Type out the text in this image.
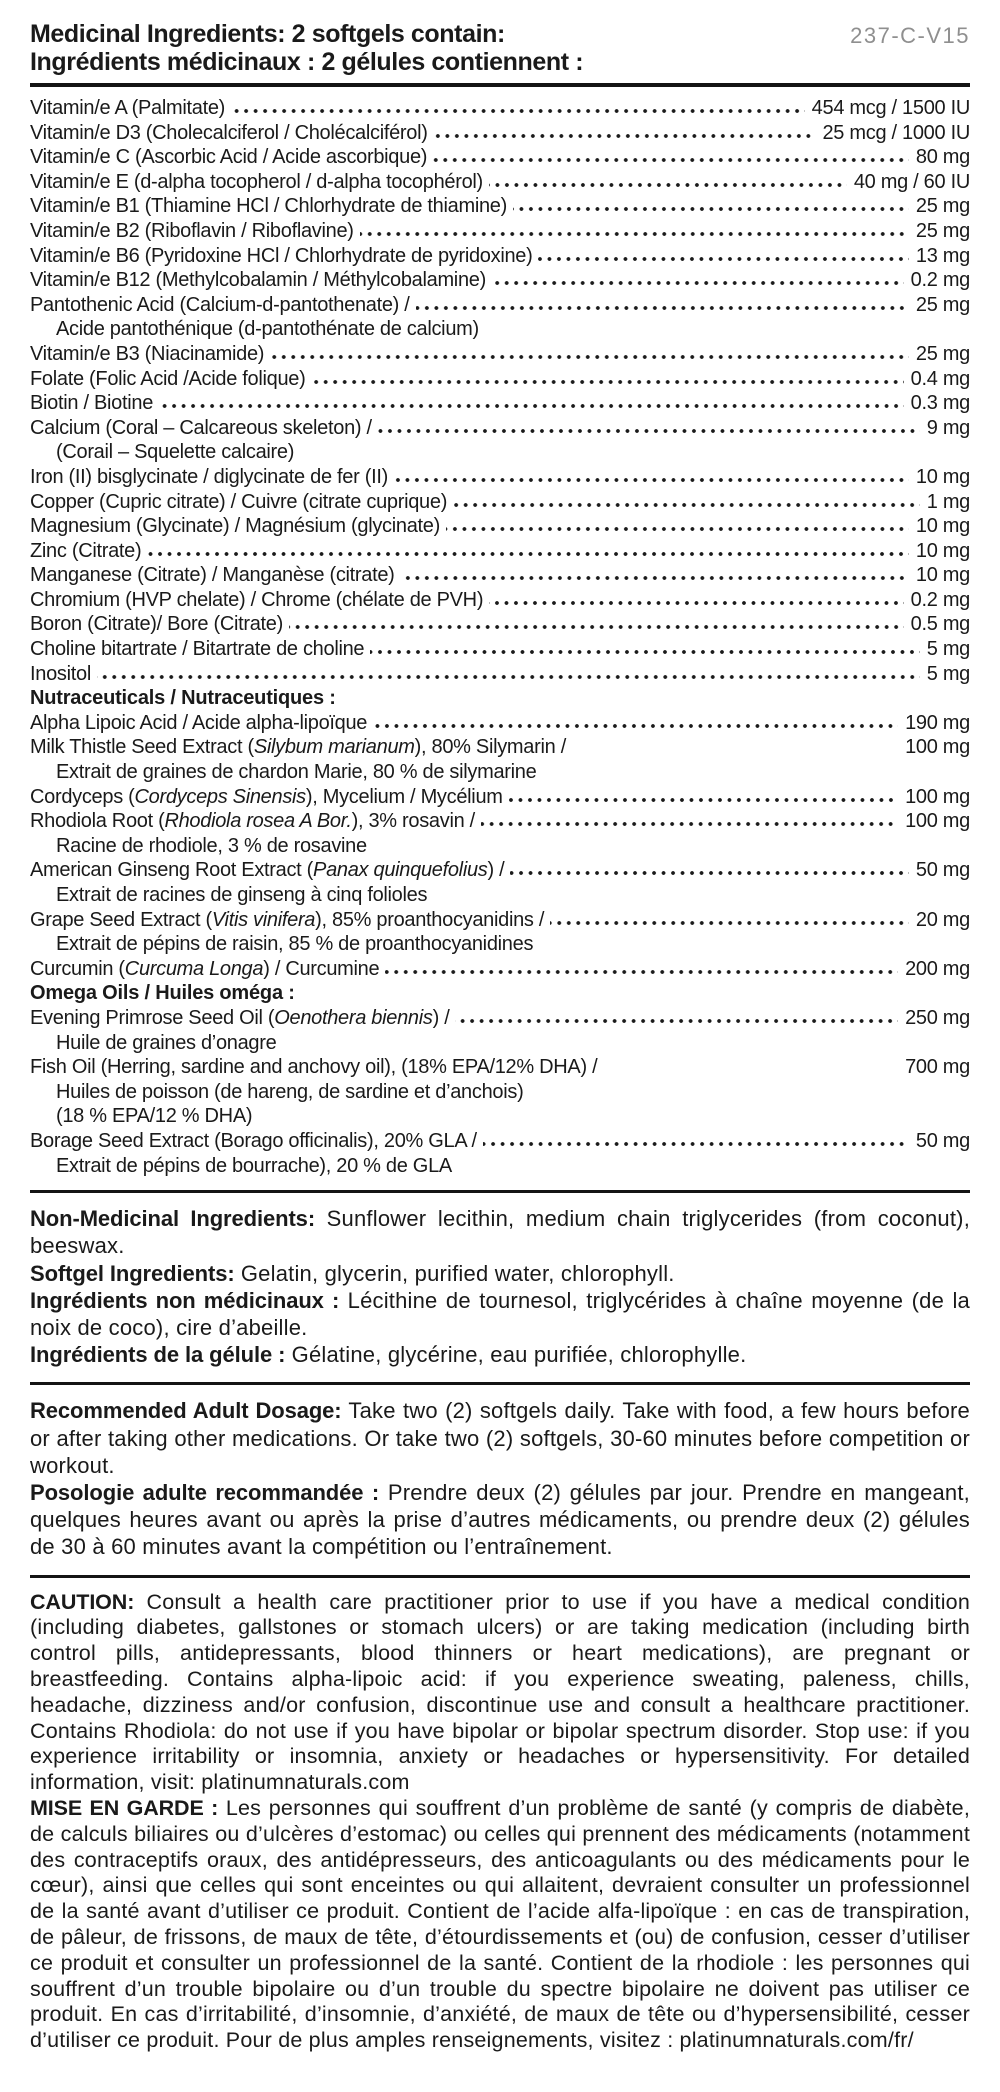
Medicinal Ingredients: 2 softgels contain:
Ingrédients médicinaux : 2 gélules contiennent :
237-C-V15
Vitamin/e A (Palmitate)	454 mcg / 1500 IU
Vitamin/e D3 (Cholecalciferol / Cholécalciférol)	25 mcg / 1000 IU
Vitamin/e C (Ascorbic Acid / Acide ascorbique)	80 mg
Vitamin/e E (d-alpha tocopherol / d-alpha tocophérol)	40 mg / 60 IU
Vitamin/e B1 (Thiamine HCl / Chlorhydrate de thiamine)	25 mg
Vitamin/e B2 (Riboflavin / Riboflavine)	25 mg
Vitamin/e B6 (Pyridoxine HCl / Chlorhydrate de pyridoxine)	13 mg
Vitamin/e B12 (Methylcobalamin / Méthylcobalamine)	0.2 mg
Pantothenic Acid (Calcium-d-pantothenate) /	25 mg
Acide pantothénique (d-pantothénate de calcium)
Vitamin/e B3 (Niacinamide)	25 mg
Folate (Folic Acid /Acide folique)	0.4 mg
Biotin / Biotine	0.3 mg
Calcium (Coral – Calcareous skeleton) /	9 mg
(Corail – Squelette calcaire)
Iron (II) bisglycinate / diglycinate de fer (II)	10 mg
Copper (Cupric citrate) / Cuivre (citrate cuprique)	1 mg
Magnesium (Glycinate) / Magnésium (glycinate)	10 mg
Zinc (Citrate)	10 mg
Manganese (Citrate) / Manganèse (citrate)	10 mg
Chromium (HVP chelate) / Chrome (chélate de PVH)	0.2 mg
Boron (Citrate)/ Bore (Citrate)	0.5 mg
Choline bitartrate / Bitartrate de choline	5 mg
Inositol	5 mg
Nutraceuticals / Nutraceutiques :
Alpha Lipoic Acid / Acide alpha-lipoïque	190 mg
Milk Thistle Seed Extract (Silybum marianum), 80% Silymarin /	100 mg
Extrait de graines de chardon Marie, 80 % de silymarine
Cordyceps (Cordyceps Sinensis), Mycelium / Mycélium	100 mg
Rhodiola Root (Rhodiola rosea A Bor.), 3% rosavin /	100 mg
Racine de rhodiole, 3 % de rosavine
American Ginseng Root Extract (Panax quinquefolius) /	50 mg
Extrait de racines de ginseng à cinq folioles
Grape Seed Extract (Vitis vinifera), 85% proanthocyanidins /	20 mg
Extrait de pépins de raisin, 85 % de proanthocyanidines
Curcumin (Curcuma Longa) / Curcumine	200 mg
Omega Oils / Huiles oméga :
Evening Primrose Seed Oil (Oenothera biennis) /	250 mg
Huile de graines d’onagre
Fish Oil (Herring, sardine and anchovy oil), (18% EPA/12% DHA) /	700 mg
Huiles de poisson (de hareng, de sardine et d’anchois)
(18 % EPA/12 % DHA)
Borage Seed Extract (Borago officinalis), 20% GLA /	50 mg
Extrait de pépins de bourrache), 20 % de GLA

Non-Medicinal Ingredients: Sunflower lecithin, medium chain triglycerides (from coconut), beeswax.

Softgel Ingredients: Gelatin, glycerin, purified water, chlorophyll.

Ingrédients non médicinaux : Lécithine de tournesol, triglycérides à chaîne moyenne (de la noix de coco), cire d’abeille.

Ingrédients de la gélule : Gélatine, glycérine, eau purifiée, chlorophylle.

Recommended Adult Dosage: Take two (2) softgels daily. Take with food, a few hours before or after taking other medications. Or take two (2) softgels, 30-60 minutes before competition or workout.

Posologie adulte recommandée : Prendre deux (2) gélules par jour. Prendre en mangeant, quelques heures avant ou après la prise d’autres médicaments, ou prendre deux (2) gélules de 30 à 60 minutes avant la compétition ou l’entraînement.

CAUTION: Consult a health care practitioner prior to use if you have a medical condition (including diabetes, gallstones or stomach ulcers) or are taking medication (including birth control pills, antidepressants, blood thinners or heart medications), are pregnant or breastfeeding. Contains alpha-lipoic acid: if you experience sweating, paleness, chills, headache, dizziness and/or confusion, discontinue use and consult a healthcare practitioner. Contains Rhodiola: do not use if you have bipolar or bipolar spectrum disorder. Stop use: if you experience irritability or insomnia, anxiety or headaches or hypersensitivity. For detailed information, visit: platinumnaturals.com

MISE EN GARDE : Les personnes qui souffrent d’un problème de santé (y compris de diabète, de calculs biliaires ou d’ulcères d’estomac) ou celles qui prennent des médicaments (notamment des contraceptifs oraux, des antidépresseurs, des anticoagulants ou des médicaments pour le cœur), ainsi que celles qui sont enceintes ou qui allaitent, devraient consulter un professionnel de la santé avant d’utiliser ce produit. Contient de l’acide alfa-lipoïque : en cas de transpiration, de pâleur, de frissons, de maux de tête, d’étourdissements et (ou) de confusion, cesser d’utiliser ce produit et consulter un professionnel de la santé. Contient de la rhodiole : les personnes qui souffrent d’un trouble bipolaire ou d’un trouble du spectre bipolaire ne doivent pas utiliser ce produit. En cas d’irritabilité, d’insomnie, d’anxiété, de maux de tête ou d’hypersensibilité, cesser d’utiliser ce produit. Pour de plus amples renseignements, visitez : platinumnaturals.com/fr/
